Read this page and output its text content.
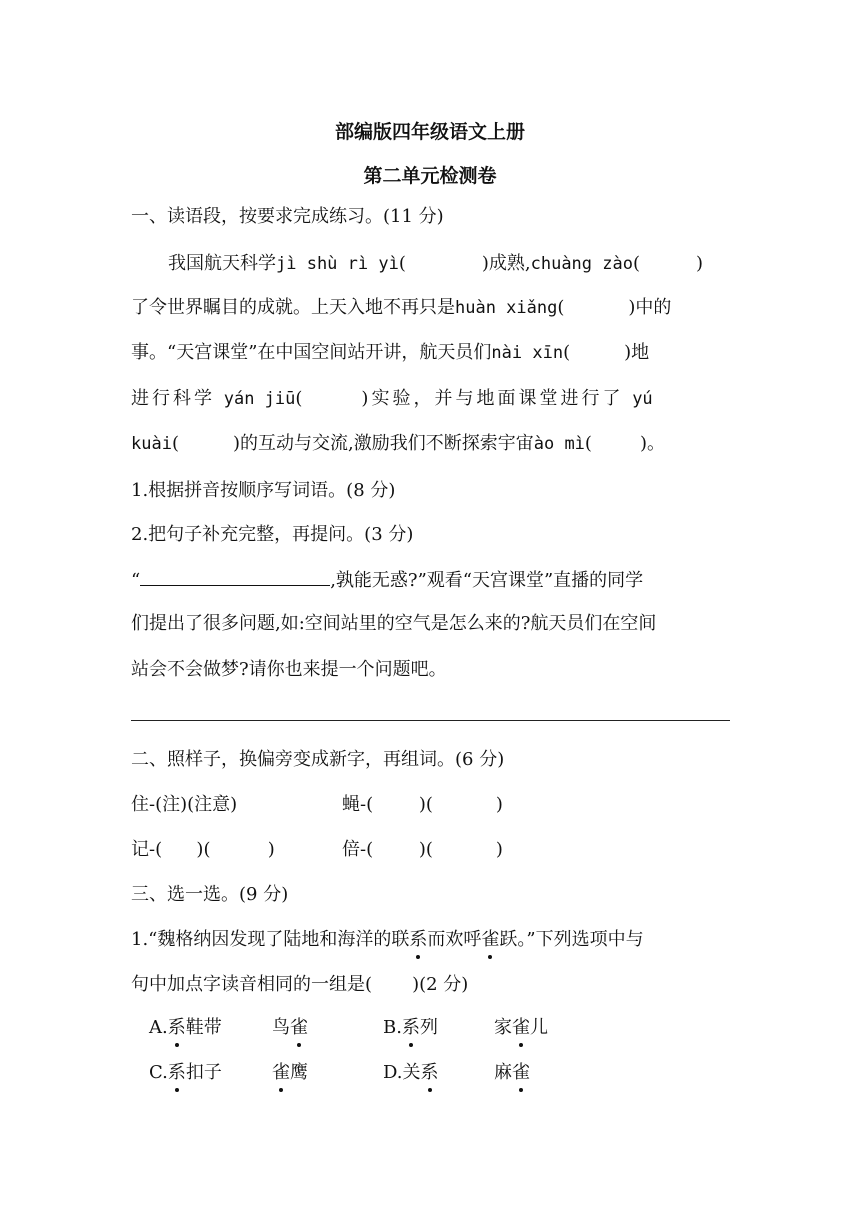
部编版四年级语文上册
第二单元检测卷
一、读语段，按要求完成练习。(11 分)
我国航天科学jì shù rì yì(	)成熟,chuàng zào(	)
了令世界瞩目的成就。上天入地不再只是huàn xiǎng(	)中的
事。“天宫课堂”在中国空间站开讲，航天员们nài xīn(	)地
进行科学 yán jiū(	)实验，并与地面课堂进行了 yú
kuài(	)的互动与交流,激励我们不断探索宇宙ào mì(	)。
1.根据拼音按顺序写词语。(8 分)
2.把句子补充完整，再提问。(3 分)
“	,孰能无惑?”观看“天宫课堂”直播的同学
们提出了很多问题,如:空间站里的空气是怎么来的?航天员们在空间
站会不会做梦?请你也来提一个问题吧。
二、照样子，换偏旁变成新字，再组词。(6 分)
住-(注)(注意)	蝇-(        )(           )
记-(      )(          )	倍-(        )(           )
三、选一选。(9 分)
1.“魏格纳因发现了陆地和海洋的联系而欢呼雀跃。”下列选项中与
句中加点字读音相同的一组是(       )(2 分)
A.系鞋带	鸟雀	B.系列	家雀儿
C.系扣子	雀鹰	D.关系	麻雀
